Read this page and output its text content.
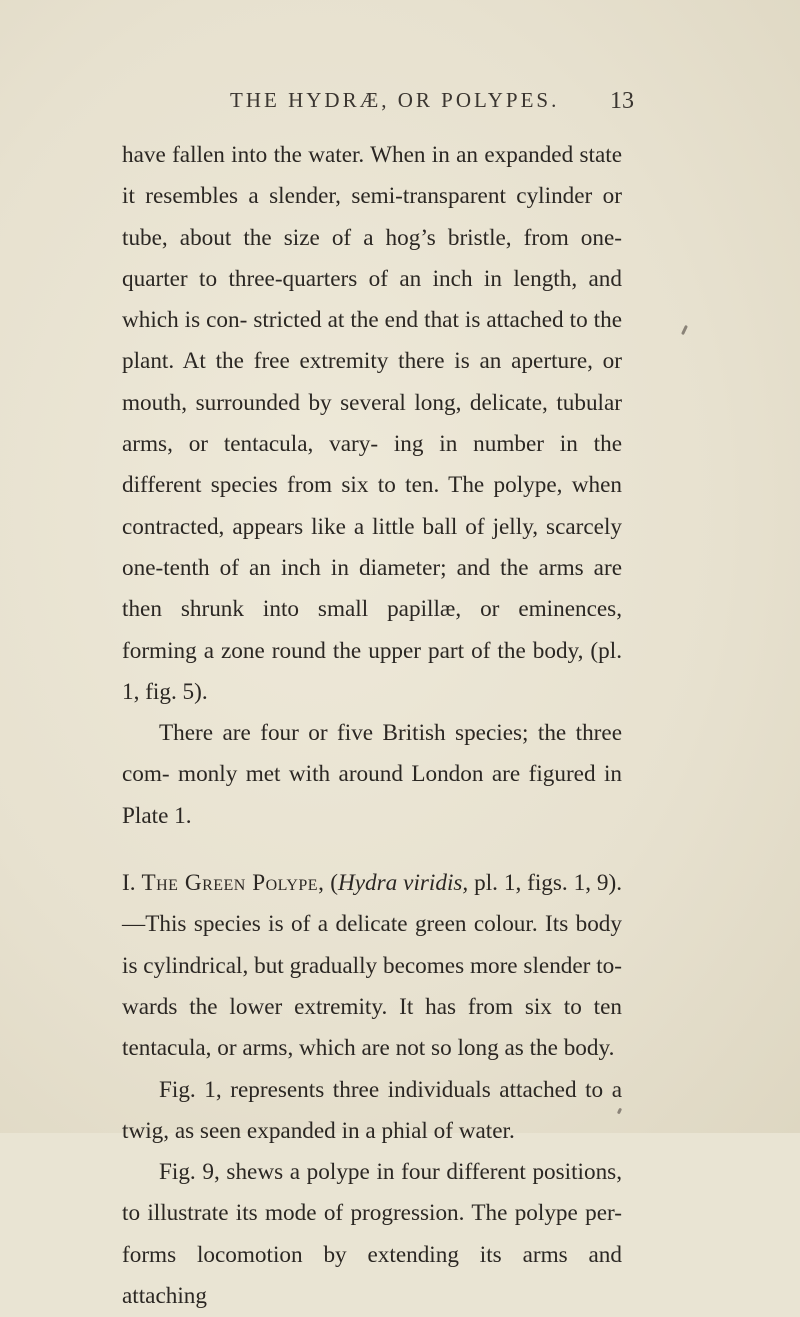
THE HYDRÆ, OR POLYPES.	13

have fallen into the water. When in an expanded state it resembles a slender, semi-transparent cylinder or tube, about the size of a hog’s bristle, from one-quarter to three-quarters of an inch in length, and which is con- stricted at the end that is attached to the plant. At the free extremity there is an aperture, or mouth, surrounded by several long, delicate, tubular arms, or tentacula, vary- ing in number in the different species from six to ten. The polype, when contracted, appears like a little ball of jelly, scarcely one-tenth of an inch in diameter; and the arms are then shrunk into small papillæ, or eminences, forming a zone round the upper part of the body, (pl. 1, fig. 5).

There are four or five British species; the three com- monly met with around London are figured in Plate 1.

I. The Green Polype, (Hydra viridis, pl. 1, figs. 1, 9).—This species is of a delicate green colour. Its body is cylindrical, but gradually becomes more slender to- wards the lower extremity. It has from six to ten tentacula, or arms, which are not so long as the body.

Fig. 1, represents three individuals attached to a twig, as seen expanded in a phial of water.

Fig. 9, shews a polype in four different positions, to illustrate its mode of progression. The polype per- forms locomotion by extending its arms and attaching
